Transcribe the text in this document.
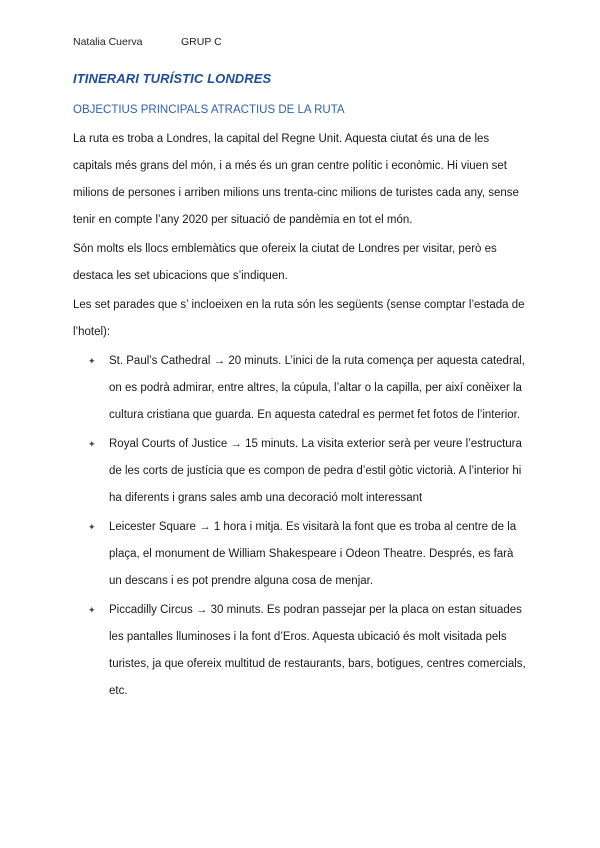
Natalia Cuerva	GRUP C
ITINERARI TURÍSTIC LONDRES
OBJECTIUS PRINCIPALS ATRACTIUS DE LA RUTA

La ruta es troba a Londres, la capital del Regne Unit. Aquesta ciutat és una de les capitals més grans del món, i a més és un gran centre polític i econòmic. Hi viuen set milions de persones i arriben milions uns trenta-cinc milions de turistes cada any, sense tenir en compte l’any 2020 per situació de pandèmia en tot el món.

Són molts els llocs emblemàtics que ofereix la ciutat de Londres per visitar, però es destaca les set ubicacions que s’indiquen.

Les set parades que s’ incloeixen en la ruta són les següents (sense comptar l’estada de l’hotel):

✦ St. Paul’s Cathedral → 20 minuts. L’inici de la ruta comença per aquesta catedral, on es podrà admirar, entre altres, la cúpula, l’altar o la capilla, per així conèixer la cultura cristiana que guarda. En aquesta catedral es permet fet fotos de l’interior.
✦ Royal Courts of Justice → 15 minuts. La visita exterior serà per veure l’estructura de les corts de justícia que es compon de pedra d’estil gòtic victorià. A l’interior hi ha diferents i grans sales amb una decoració molt interessant
✦ Leicester Square → 1 hora i mitja. Es visitarà la font que es troba al centre de la plaça, el monument de William Shakespeare i Odeon Theatre. Després, es farà un descans i es pot prendre alguna cosa de menjar.
✦ Piccadilly Circus → 30 minuts. Es podran passejar per la placa on estan situades les pantalles lluminoses i la font d’Eros. Aquesta ubicació és molt visitada pels turistes, ja que ofereix multitud de restaurants, bars, botigues, centres comercials, etc.
